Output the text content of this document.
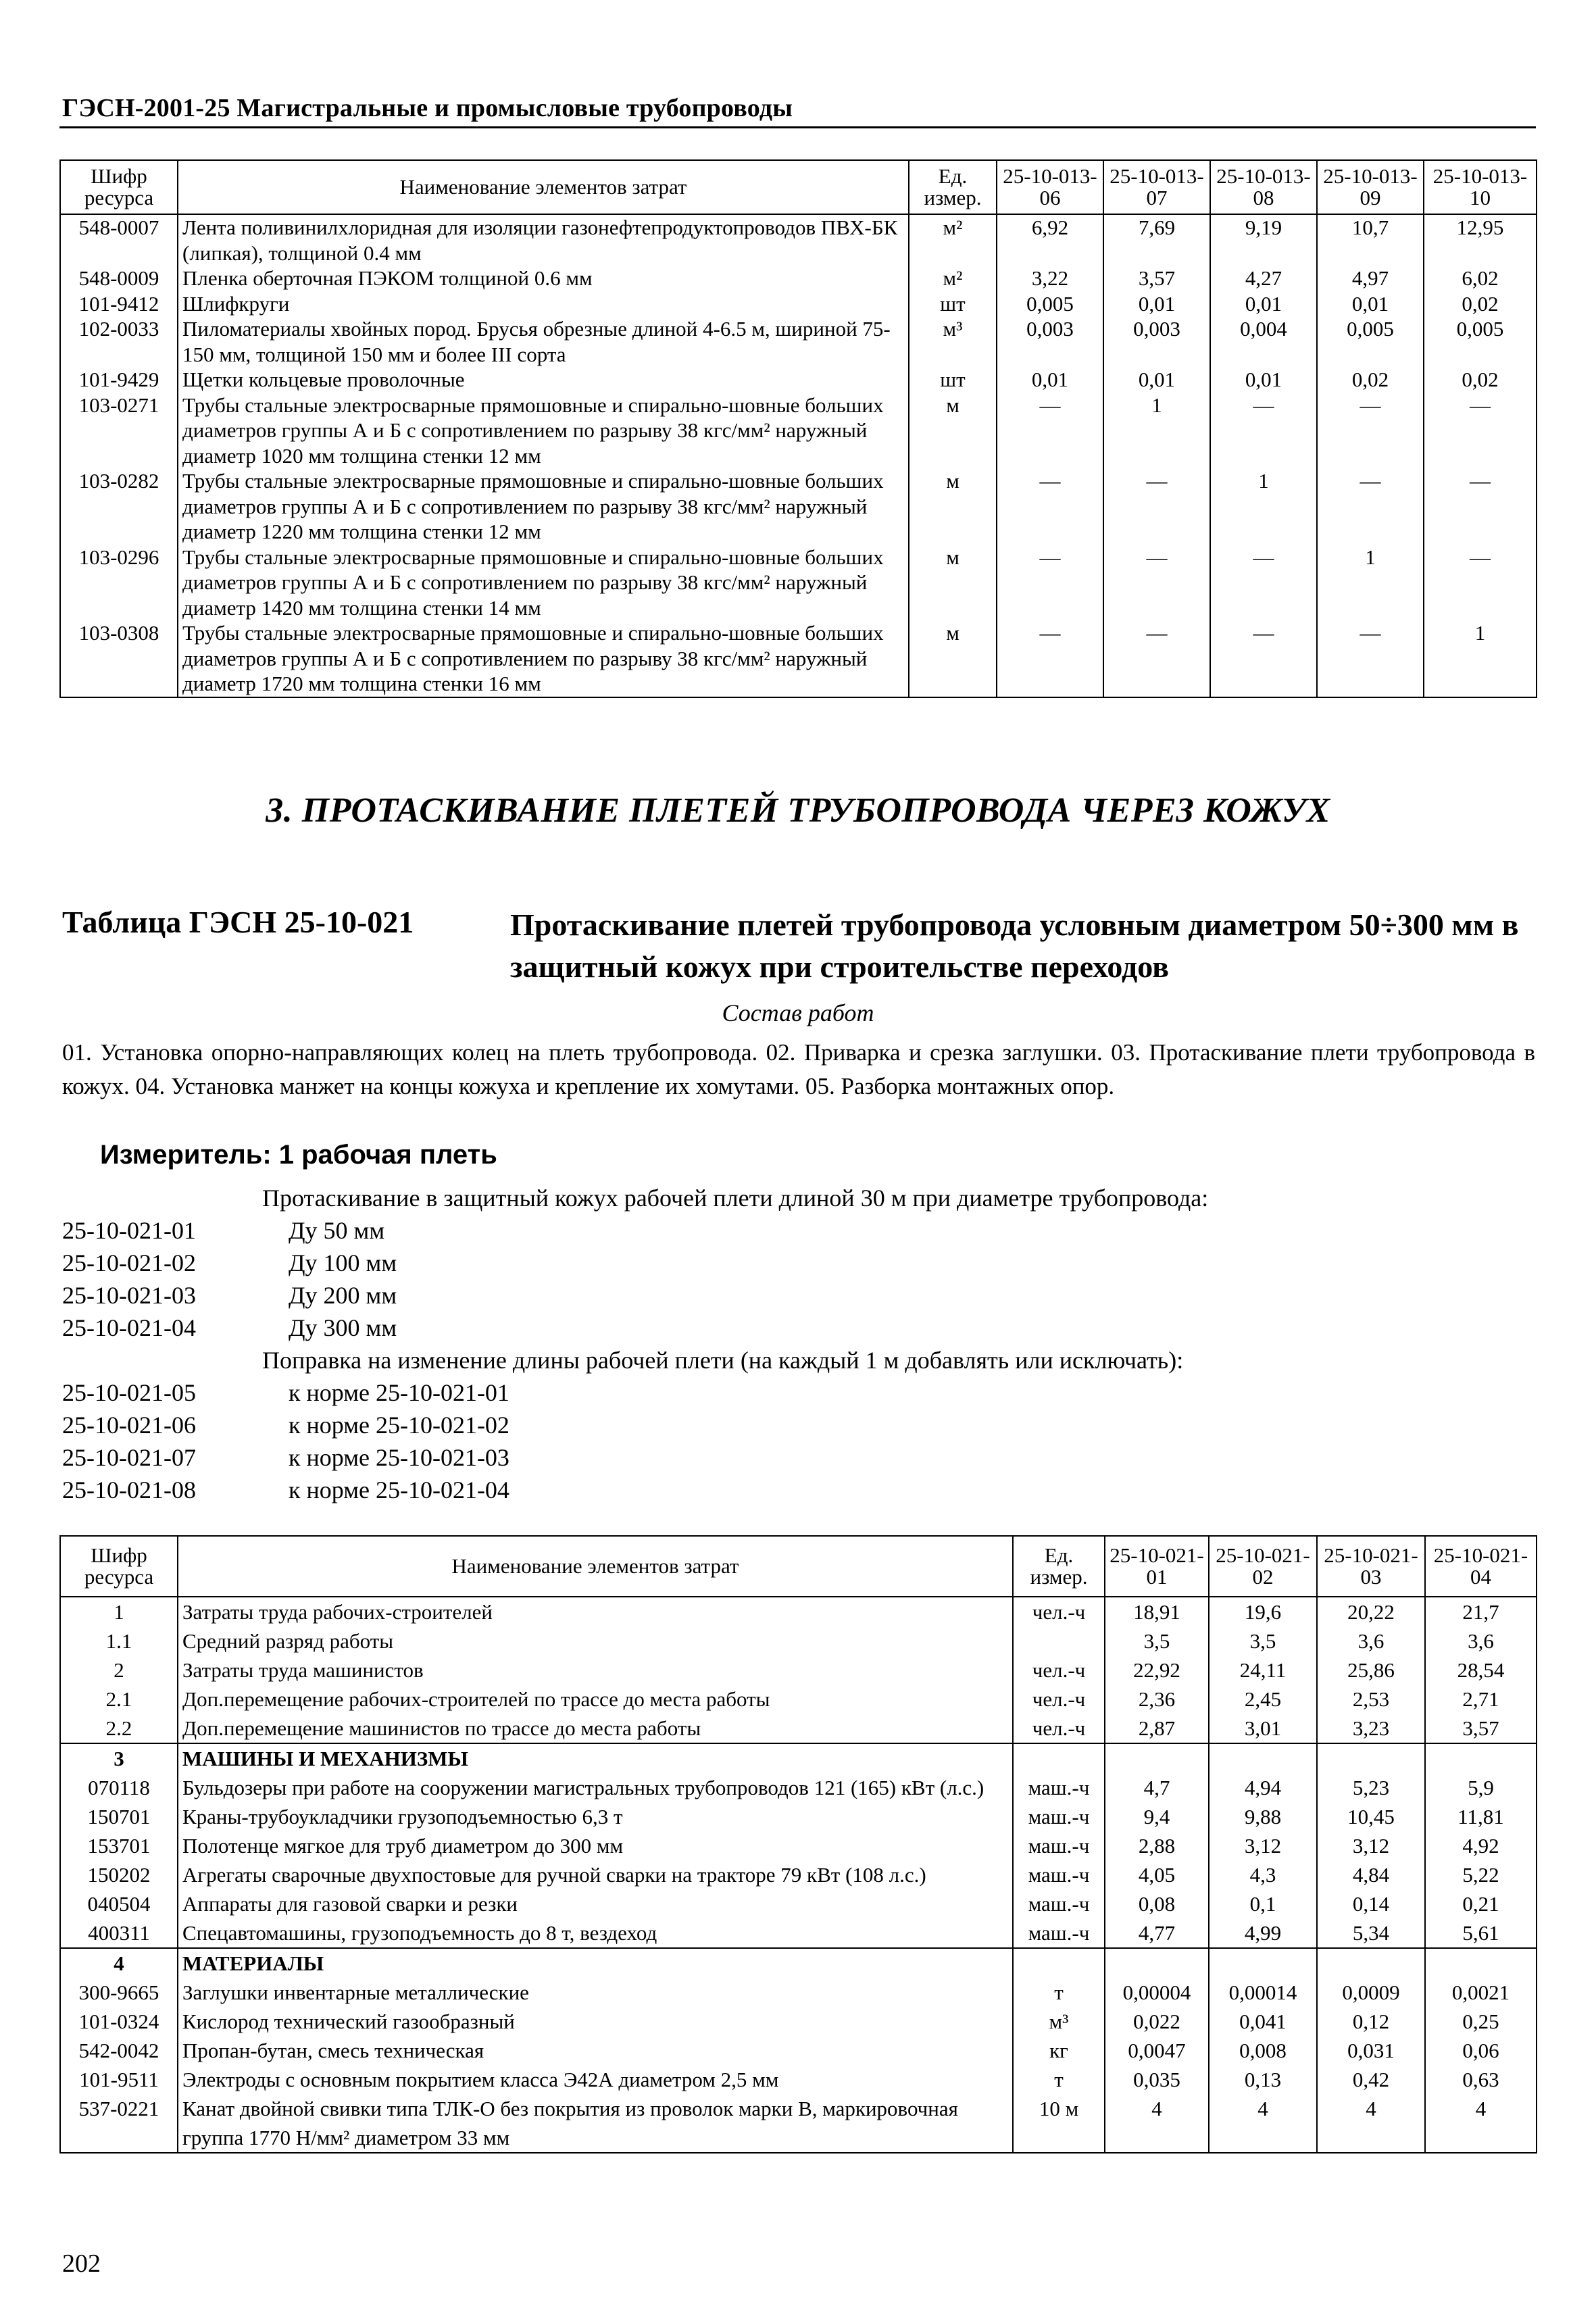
ГЭСН-2001-25 Магистральные и промысловые трубопроводы
Шифр ресурса	Наименование элементов затрат	Ед. измер.	25-10-013-06	25-10-013-07	25-10-013-08	25-10-013-09	25-10-013-10
548-0007	Лента поливинилхлоридная для изоляции газонефтепродуктопроводов ПВХ-БК (липкая), толщиной 0.4 мм	м²	6,92	7,69	9,19	10,7	12,95
548-0009	Пленка оберточная ПЭКОМ толщиной 0.6 мм	м²	3,22	3,57	4,27	4,97	6,02
101-9412	Шлифкруги	шт	0,005	0,01	0,01	0,01	0,02
102-0033	Пиломатериалы хвойных пород. Брусья обрезные длиной 4-6.5 м, шириной 75-150 мм, толщиной 150 мм и более III сорта	м³	0,003	0,003	0,004	0,005	0,005
101-9429	Щетки кольцевые проволочные	шт	0,01	0,01	0,01	0,02	0,02
103-0271	Трубы стальные электросварные прямошовные и спирально-шовные больших диаметров группы А и Б с сопротивлением по разрыву 38 кгс/мм² наружный диаметр 1020 мм толщина стенки 12 мм	м	—	1	—	—	—
103-0282	Трубы стальные электросварные прямошовные и спирально-шовные больших диаметров группы А и Б с сопротивлением по разрыву 38 кгс/мм² наружный диаметр 1220 мм толщина стенки 12 мм	м	—	—	1	—	—
103-0296	Трубы стальные электросварные прямошовные и спирально-шовные больших диаметров группы А и Б с сопротивлением по разрыву 38 кгс/мм² наружный диаметр 1420 мм толщина стенки 14 мм	м	—	—	—	1	—
103-0308	Трубы стальные электросварные прямошовные и спирально-шовные больших диаметров группы А и Б с сопротивлением по разрыву 38 кгс/мм² наружный диаметр 1720 мм толщина стенки 16 мм	м	—	—	—	—	1
3. ПРОТАСКИВАНИЕ ПЛЕТЕЙ ТРУБОПРОВОДА ЧЕРЕЗ КОЖУХ
Таблица ГЭСН 25-10-021	Протаскивание плетей трубопровода условным диаметром 50÷300 мм в защитный кожух при строительстве переходов
Состав работ
01. Установка опорно-направляющих колец на плеть трубопровода. 02. Приварка и срезка заглушки. 03. Протаскивание плети трубопровода в кожух. 04. Установка манжет на концы кожуха и крепление их хомутами. 05. Разборка монтажных опор.
Измеритель: 1 рабочая плеть
Протаскивание в защитный кожух рабочей плети длиной 30 м при диаметре трубопровода:
25-10-021-01	Ду 50 мм
25-10-021-02	Ду 100 мм
25-10-021-03	Ду 200 мм
25-10-021-04	Ду 300 мм
Поправка на изменение длины рабочей плети (на каждый 1 м добавлять или исключать):
25-10-021-05	к норме 25-10-021-01
25-10-021-06	к норме 25-10-021-02
25-10-021-07	к норме 25-10-021-03
25-10-021-08	к норме 25-10-021-04
Шифр ресурса	Наименование элементов затрат	Ед. измер.	25-10-021-01	25-10-021-02	25-10-021-03	25-10-021-04
1	Затраты труда рабочих-строителей	чел.-ч	18,91	19,6	20,22	21,7
1.1	Средний разряд работы		3,5	3,5	3,6	3,6
2	Затраты труда машинистов	чел.-ч	22,92	24,11	25,86	28,54
2.1	Доп.перемещение рабочих-строителей по трассе до места работы	чел.-ч	2,36	2,45	2,53	2,71
2.2	Доп.перемещение машинистов по трассе до места работы	чел.-ч	2,87	3,01	3,23	3,57
3	МАШИНЫ И МЕХАНИЗМЫ					
070118	Бульдозеры при работе на сооружении магистральных трубопроводов 121 (165) кВт (л.с.)	маш.-ч	4,7	4,94	5,23	5,9
150701	Краны-трубоукладчики грузоподъемностью 6,3 т	маш.-ч	9,4	9,88	10,45	11,81
153701	Полотенце мягкое для труб диаметром до 300 мм	маш.-ч	2,88	3,12	3,12	4,92
150202	Агрегаты сварочные двухпостовые для ручной сварки на тракторе 79 кВт (108 л.с.)	маш.-ч	4,05	4,3	4,84	5,22
040504	Аппараты для газовой сварки и резки	маш.-ч	0,08	0,1	0,14	0,21
400311	Спецавтомашины, грузоподъемность до 8 т, вездеход	маш.-ч	4,77	4,99	5,34	5,61
4	МАТЕРИАЛЫ					
300-9665	Заглушки инвентарные металлические	т	0,00004	0,00014	0,0009	0,0021
101-0324	Кислород технический газообразный	м³	0,022	0,041	0,12	0,25
542-0042	Пропан-бутан, смесь техническая	кг	0,0047	0,008	0,031	0,06
101-9511	Электроды с основным покрытием класса Э42А диаметром 2,5 мм	т	0,035	0,13	0,42	0,63
537-0221	Канат двойной свивки типа ТЛК-О без покрытия из проволок марки В, маркировочная группа 1770 Н/мм² диаметром 33 мм	10 м	4	4	4	4
202
